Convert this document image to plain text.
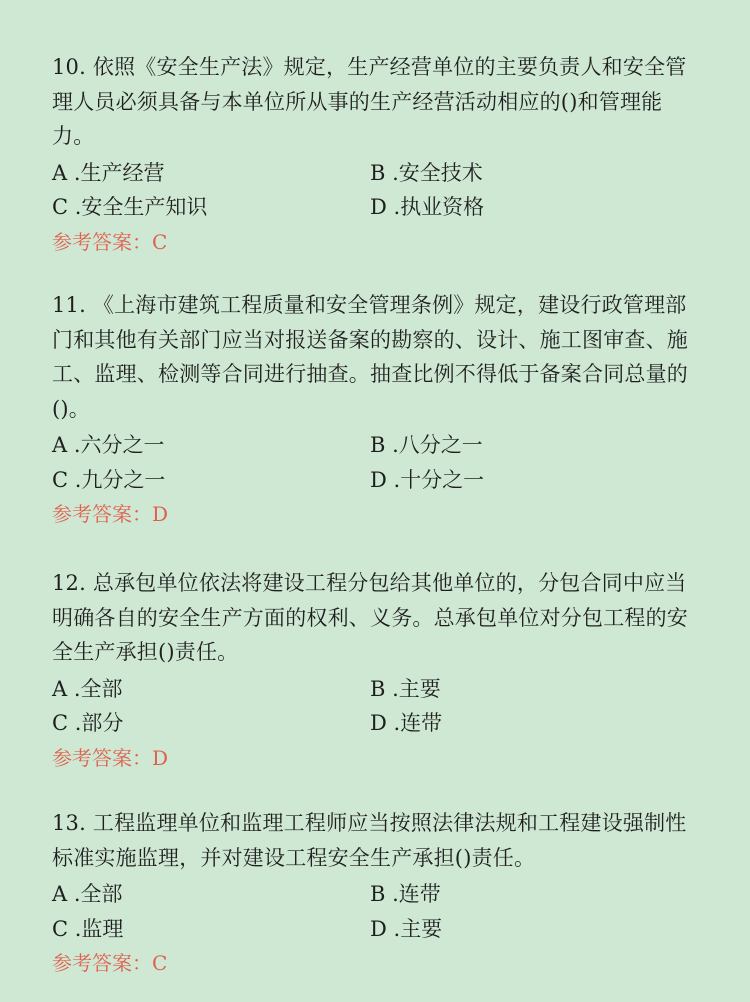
10. 依照《安全生产法》规定，生产经营单位的主要负责人和安全管理人员必须具备与本单位所从事的生产经营活动相应的()和管理能力。

A .生产经营	B .安全技术
C .安全生产知识	D .执业资格
参考答案：C

11. 《上海市建筑工程质量和安全管理条例》规定，建设行政管理部门和其他有关部门应当对报送备案的勘察的、设计、施工图审查、施工、监理、检测等合同进行抽查。抽查比例不得低于备案合同总量的()。

A .六分之一	B .八分之一
C .九分之一	D .十分之一
参考答案：D

12. 总承包单位依法将建设工程分包给其他单位的，分包合同中应当明确各自的安全生产方面的权利、义务。总承包单位对分包工程的安全生产承担()责任。

A .全部	B .主要
C .部分	D .连带
参考答案：D

13. 工程监理单位和监理工程师应当按照法律法规和工程建设强制性标准实施监理，并对建设工程安全生产承担()责任。

A .全部	B .连带
C .监理	D .主要
参考答案：C
